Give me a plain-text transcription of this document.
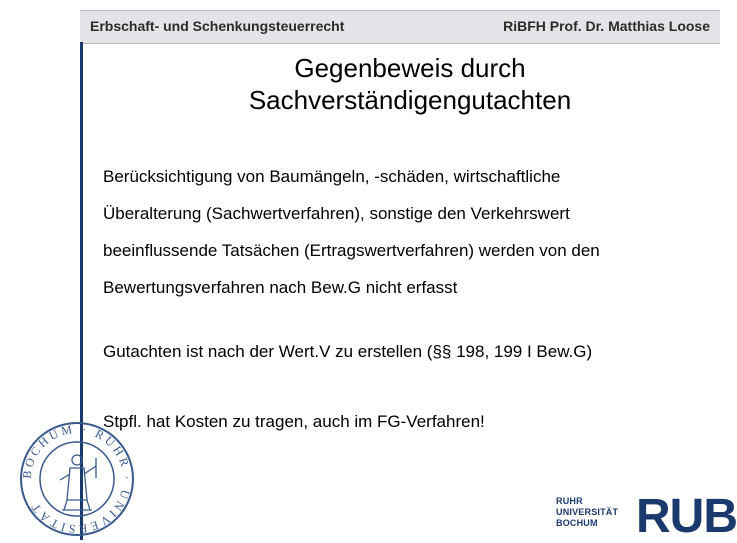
Erbschaft- und Schenkungsteuerrecht	RiBFH Prof. Dr. Matthias Loose
Gegenbeweis durch
Sachverständigengutachten
Berücksichtigung von Baumängeln, -schäden, wirtschaftliche
Überalterung (Sachwertverfahren), sonstige den Verkehrswert
beeinflussende Tatsächen (Ertragswertverfahren) werden von den
Bewertungsverfahren nach Bew.G nicht erfasst
Gutachten ist nach der Wert.V zu erstellen (§§ 198, 199 I Bew.G)
Stpfl. hat Kosten zu tragen, auch im FG-Verfahren!
BOCHUM · RUHR · UNIVERSITÄT	RUHR
UNIVERSITÄT
BOCHUM RUB
